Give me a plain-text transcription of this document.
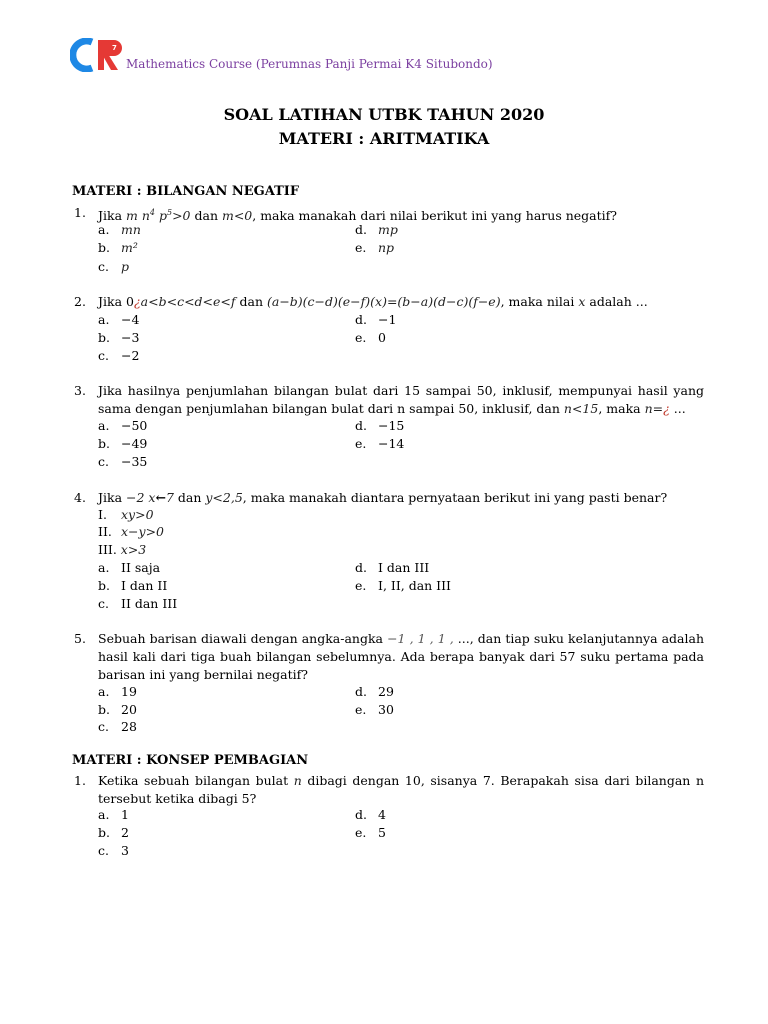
7
Mathematics Course (Perumnas Panji Permai K4 Situbondo)
SOAL LATIHAN UTBK TAHUN 2020
MATERI : ARITMATIKA
MATERI : BILANGAN NEGATIF
1. Jika m $n^4$ $p^5>0$ dan m<0, maka manakah dari nilai berikut ini yang harus negatif?
a. mn	d. mp
b. m²	e. np
c. p
2. Jika 0¿a<b<c<d<e<f dan (a−b)(c−d)(e−f)(x)=(b−a)(d−c)(f−e), maka nilai x adalah ...
a. −4	d. −1
b. −3	e. 0
c. −2
3. Jika hasilnya penjumlahan bilangan bulat dari 15 sampai 50, inklusif, mempunyai hasil yang
sama dengan penjumlahan bilangan bulat dari n sampai 50, inklusif, dan n<15, maka n=¿ ...
a. −50	d. −15
b. −49	e. −14
c. −35
4. Jika −2 x←7 dan y<2,5, maka manakah diantara pernyataan berikut ini yang pasti benar?
I. xy>0
II. x−y>0
III. x>3
a. II saja	d. I dan III
b. I dan II	e. I, II, dan III
c. II dan III
5. Sebuah barisan diawali dengan angka-angka −1 , 1 , 1 , ..., dan tiap suku kelanjutannya adalah
hasil kali dari tiga buah bilangan sebelumnya. Ada berapa banyak dari 57 suku pertama pada
barisan ini yang bernilai negatif?
a. 19	d. 29
b. 20	e. 30
c. 28
MATERI : KONSEP PEMBAGIAN
1. Ketika sebuah bilangan bulat n dibagi dengan 10, sisanya 7. Berapakah sisa dari bilangan n
tersebut ketika dibagi 5?
a. 1	d. 4
b. 2	e. 5
c. 3
